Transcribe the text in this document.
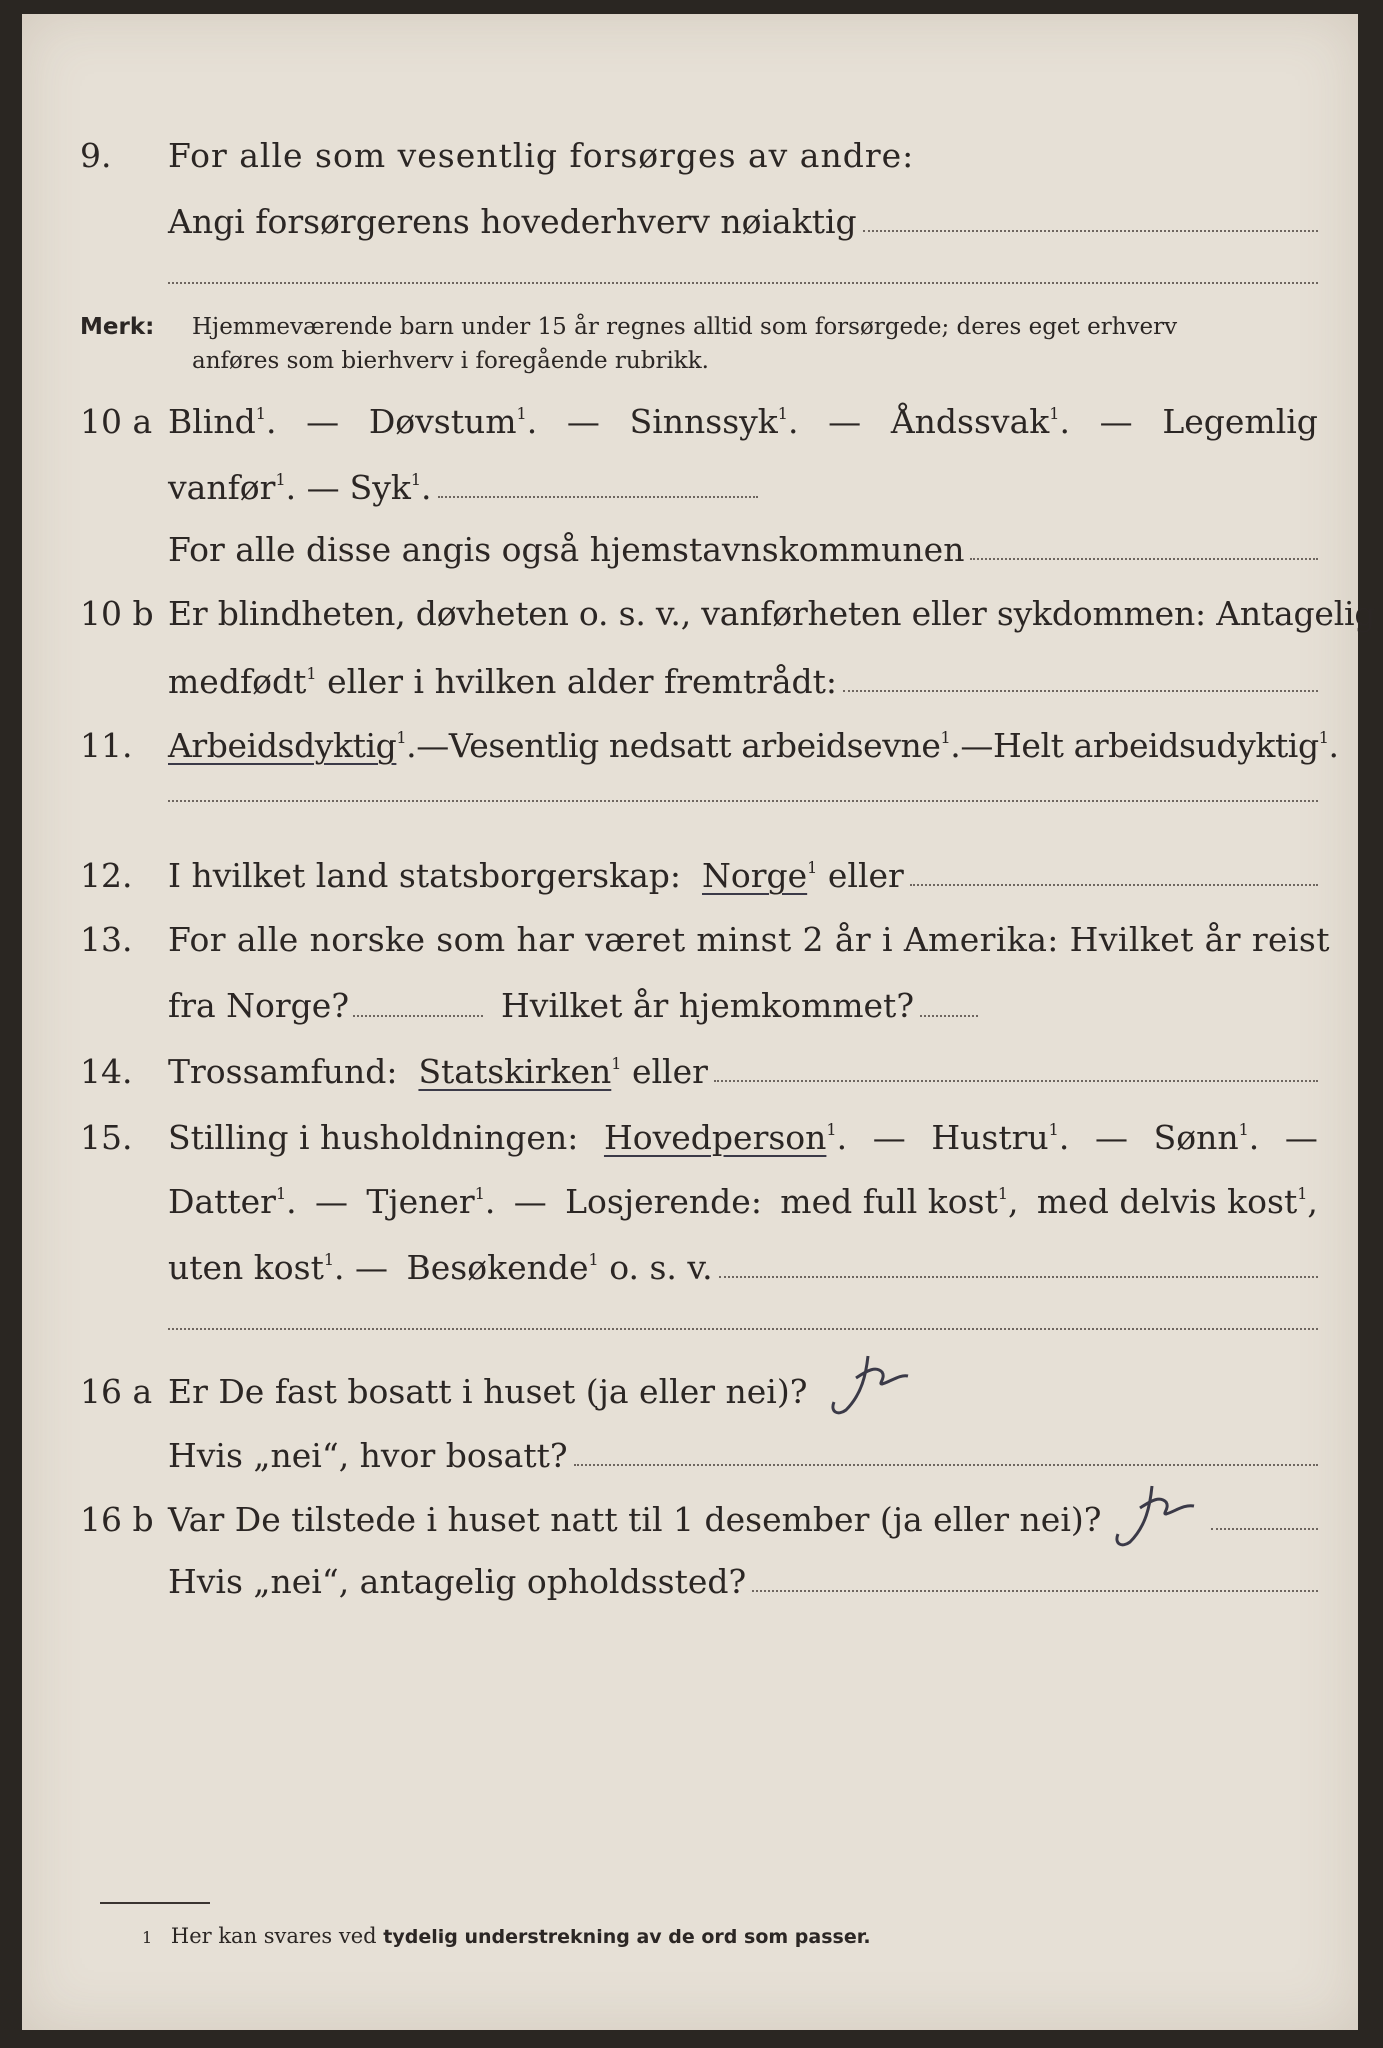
9. For alle som vesentlig forsørges av andre:
Angi forsørgerens hovederhverv nøiaktig
Merk: Hjemmeværende barn under 15 år regnes alltid som forsørgede; deres eget erhverv
anføres som bierhverv i foregående rubrikk.
10 a Blind$^1$. — Døvstum$^1$. — Sinnssyk$^1$. — Åndssvak$^1$. — Legemlig
vanfør$^1$. — Syk$^1$.
For alle disse angis også hjemstavnskommunen
10 b Er blindheten, døvheten o. s. v., vanførheten eller sykdommen: Antagelig
medfødt$^1$ eller i hvilken alder fremtrådt:
11. Arbeidsdyktig$^1$. — Vesentlig nedsatt arbeidsevne$^1$. — Helt arbeidsudyktig$^1$.
12. I hvilket land statsborgerskap:
Norge$^1$ eller
13. For alle norske som har været minst 2 år i Amerika: Hvilket år reist
fra Norge?	Hvilket år hjemkommet?
14. Trossamfund:
Statskirken$^1$ eller
15. Stilling i husholdningen: Hovedperson$^1$. — Hustru$^1$. — Sønn$^1$. —
Datter$^1$. — Tjener$^1$. — Losjerende: med full kost$^1$, med delvis kost$^1$,
uten kost$^1$. — Besøkende$^1$ o. s. v.
16 a Er De fast bosatt i huset (ja eller nei)?
Hvis „nei“, hvor bosatt?
16 b Var De tilstede i huset natt til 1 desember (ja eller nei)?
Hvis „nei“, antagelig opholdssted?
1 Her kan svares ved tydelig understrekning av de ord som passer.
